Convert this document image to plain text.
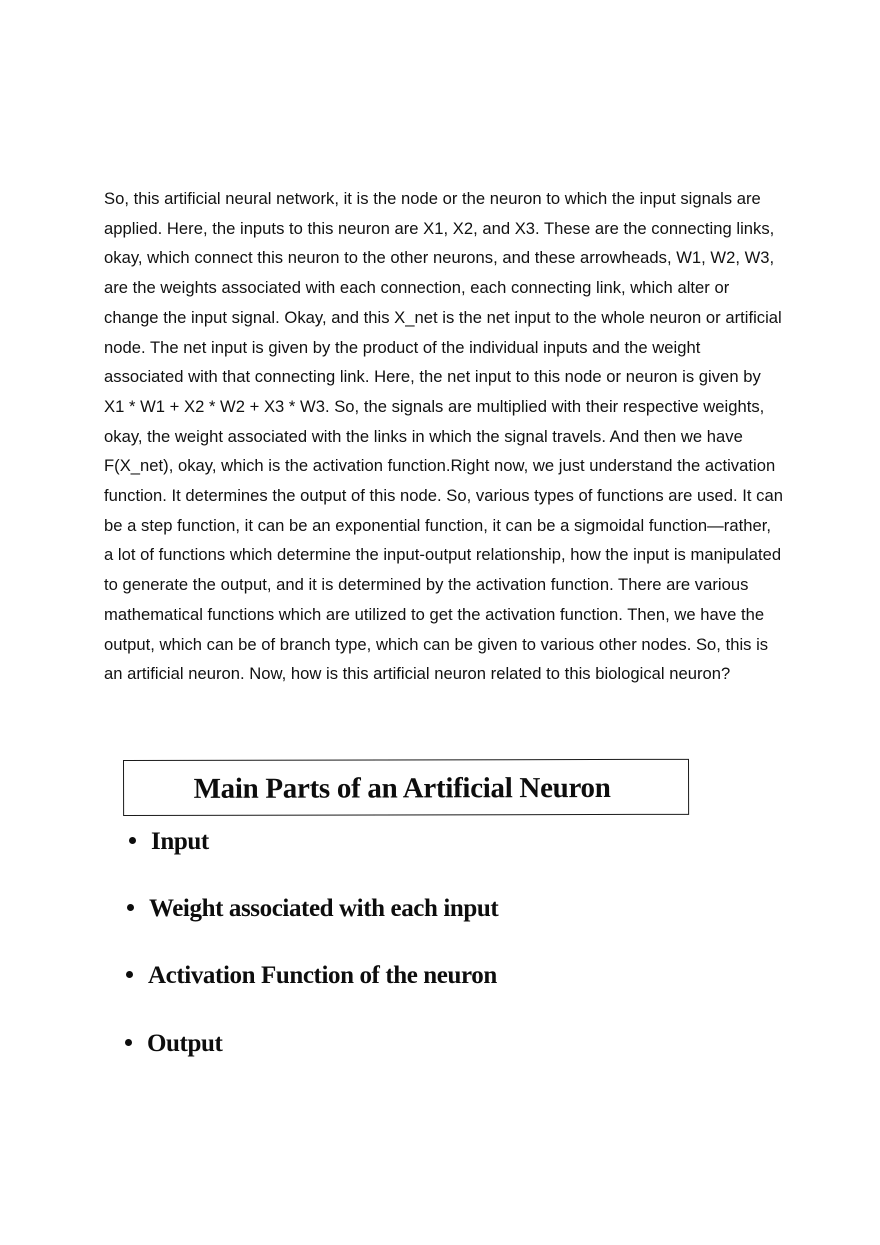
So, this artificial neural network, it is the node or the neuron to which the input signals are applied. Here, the inputs to this neuron are X1, X2, and X3. These are the connecting links, okay, which connect this neuron to the other neurons, and these arrowheads, W1, W2, W3, are the weights associated with each connection, each connecting link, which alter or change the input signal. Okay, and this X_net is the net input to the whole neuron or artificial node. The net input is given by the product of the individual inputs and the weight associated with that connecting link. Here, the net input to this node or neuron is given by X1 * W1 + X2 * W2 + X3 * W3. So, the signals are multiplied with their respective weights, okay, the weight associated with the links in which the signal travels. And then we have F(X_net), okay, which is the activation function.Right now, we just understand the activation function. It determines the output of this node. So, various types of functions are used. It can be a step function, it can be an exponential function, it can be a sigmoidal function—rather, a lot of functions which determine the input-output relationship, how the input is manipulated to generate the output, and it is determined by the activation function. There are various mathematical functions which are utilized to get the activation function. Then, we have the output, which can be of branch type, which can be given to various other nodes. So, this is an artificial neuron. Now, how is this artificial neuron related to this biological neuron?

Main Parts of an Artificial Neuron
Input
Weight associated with each input
Activation Function of the neuron
Output
